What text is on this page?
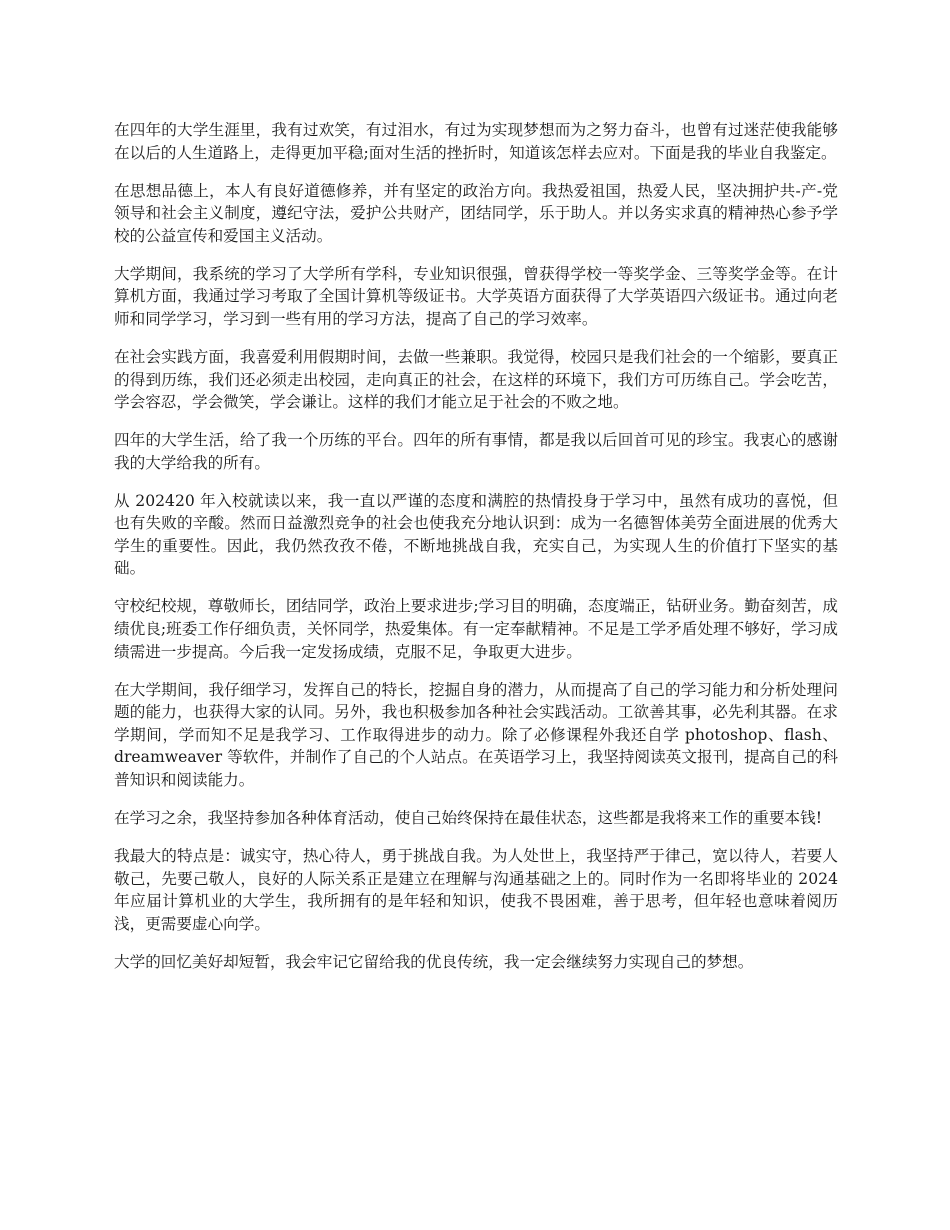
在四年的大学生涯里，我有过欢笑，有过泪水，有过为实现梦想而为之努力奋斗，也曾有过迷茫使我能够在以后的人生道路上，走得更加平稳;面对生活的挫折时，知道该怎样去应对。下面是我的毕业自我鉴定。

在思想品德上，本人有良好道德修养，并有坚定的政治方向。我热爱祖国，热爱人民，坚决拥护共-产-党领导和社会主义制度，遵纪守法，爱护公共财产，团结同学，乐于助人。并以务实求真的精神热心参予学校的公益宣传和爱国主义活动。

大学期间，我系统的学习了大学所有学科，专业知识很强，曾获得学校一等奖学金、三等奖学金等。在计算机方面，我通过学习考取了全国计算机等级证书。大学英语方面获得了大学英语四六级证书。通过向老师和同学学习，学习到一些有用的学习方法，提高了自己的学习效率。

在社会实践方面，我喜爱利用假期时间，去做一些兼职。我觉得，校园只是我们社会的一个缩影，要真正的得到历练，我们还必须走出校园，走向真正的社会，在这样的环境下，我们方可历练自己。学会吃苦，学会容忍，学会微笑，学会谦让。这样的我们才能立足于社会的不败之地。

四年的大学生活，给了我一个历练的平台。四年的所有事情，都是我以后回首可见的珍宝。我衷心的感谢我的大学给我的所有。

从 202420 年入校就读以来，我一直以严谨的态度和满腔的热情投身于学习中，虽然有成功的喜悦，但也有失败的辛酸。然而日益激烈竞争的社会也使我充分地认识到：成为一名德智体美劳全面进展的优秀大学生的重要性。因此，我仍然孜孜不倦，不断地挑战自我，充实自己，为实现人生的价值打下坚实的基础。

守校纪校规，尊敬师长，团结同学，政治上要求进步;学习目的明确，态度端正，钻研业务。勤奋刻苦，成绩优良;班委工作仔细负责，关怀同学，热爱集体。有一定奉献精神。不足是工学矛盾处理不够好，学习成绩需进一步提高。今后我一定发扬成绩，克服不足，争取更大进步。

在大学期间，我仔细学习，发挥自己的特长，挖掘自身的潜力，从而提高了自己的学习能力和分析处理问题的能力，也获得大家的认同。另外，我也积极参加各种社会实践活动。工欲善其事，必先利其器。在求学期间，学而知不足是我学习、工作取得进步的动力。除了必修课程外我还自学 photoshop、flash、dreamweaver 等软件，并制作了自己的个人站点。在英语学习上，我坚持阅读英文报刊，提高自己的科普知识和阅读能力。

在学习之余，我坚持参加各种体育活动，使自己始终保持在最佳状态，这些都是我将来工作的重要本钱!

我最大的特点是：诚实守，热心待人，勇于挑战自我。为人处世上，我坚持严于律己，宽以待人，若要人敬己，先要己敬人，良好的人际关系正是建立在理解与沟通基础之上的。同时作为一名即将毕业的 2024 年应届计算机业的大学生，我所拥有的是年轻和知识，使我不畏困难，善于思考，但年轻也意味着阅历浅，更需要虚心向学。

大学的回忆美好却短暂，我会牢记它留给我的优良传统，我一定会继续努力实现自己的梦想。
